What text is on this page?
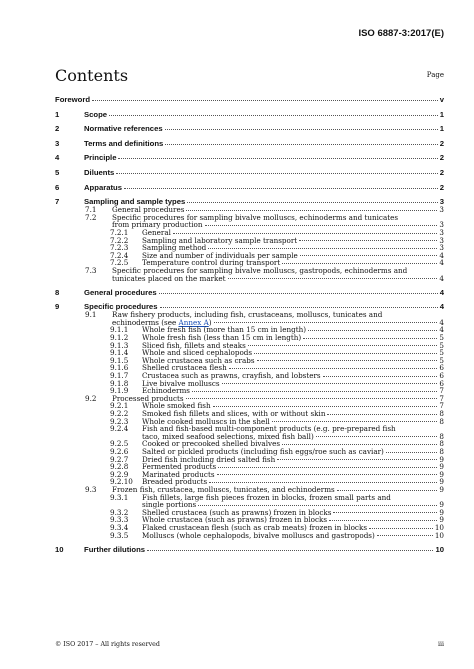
ISO 6887-3:2017(E)
Contents	Page
Foreword	v
1	Scope	1
2	Normative references	1
3	Terms and definitions	2
4	Principle	2
5	Diluents	2
6	Apparatus	2
7	Sampling and sample types	3
7.1 General procedures	3
7.2 Specific procedures for sampling bivalve molluscs, echinoderms and tunicates
from primary production	3
7.2.1 General	3
7.2.2 Sampling and laboratory sample transport	3
7.2.3 Sampling method	3
7.2.4 Size and number of individuals per sample	4
7.2.5 Temperature control during transport	4
7.3 Specific procedures for sampling bivalve molluscs, gastropods, echinoderms and
tunicates placed on the market	4
8	General procedures	4
9	Specific procedures	4
9.1 Raw fishery products, including fish, crustaceans, molluscs, tunicates and
echinoderms (see Annex A)	4
9.1.1 Whole fresh fish (more than 15 cm in length)	4
9.1.2 Whole fresh fish (less than 15 cm in length)	5
9.1.3 Sliced fish, fillets and steaks	5
9.1.4 Whole and sliced cephalopods	5
9.1.5 Whole crustacea such as crabs	5
9.1.6 Shelled crustacea flesh	6
9.1.7 Crustacea such as prawns, crayfish, and lobsters	6
9.1.8 Live bivalve molluscs	6
9.1.9 Echinoderms	7
9.2 Processed products	7
9.2.1 Whole smoked fish	7
9.2.2 Smoked fish fillets and slices, with or without skin	8
9.2.3 Whole cooked molluscs in the shell	8
9.2.4 Fish and fish-based multi-component products (e.g. pre-prepared fish
taco, mixed seafood selections, mixed fish ball)	8
9.2.5 Cooked or precooked shelled bivalves	8
9.2.6 Salted or pickled products (including fish eggs/roe such as caviar)	8
9.2.7 Dried fish including dried salted fish	9
9.2.8 Fermented products	9
9.2.9 Marinated products	9
9.2.10 Breaded products	9
9.3 Frozen fish, crustacea, molluscs, tunicates, and echinoderms	9
9.3.1 Fish fillets, large fish pieces frozen in blocks, frozen small parts and
single portions	9
9.3.2 Shelled crustacea (such as prawns) frozen in blocks	9
9.3.3 Whole crustacea (such as prawns) frozen in blocks	9
9.3.4 Flaked crustacean flesh (such as crab meats) frozen in blocks	10
9.3.5 Molluscs (whole cephalopods, bivalve molluscs and gastropods)	10
10	Further dilutions	10
© ISO 2017 – All rights reserved	iii
